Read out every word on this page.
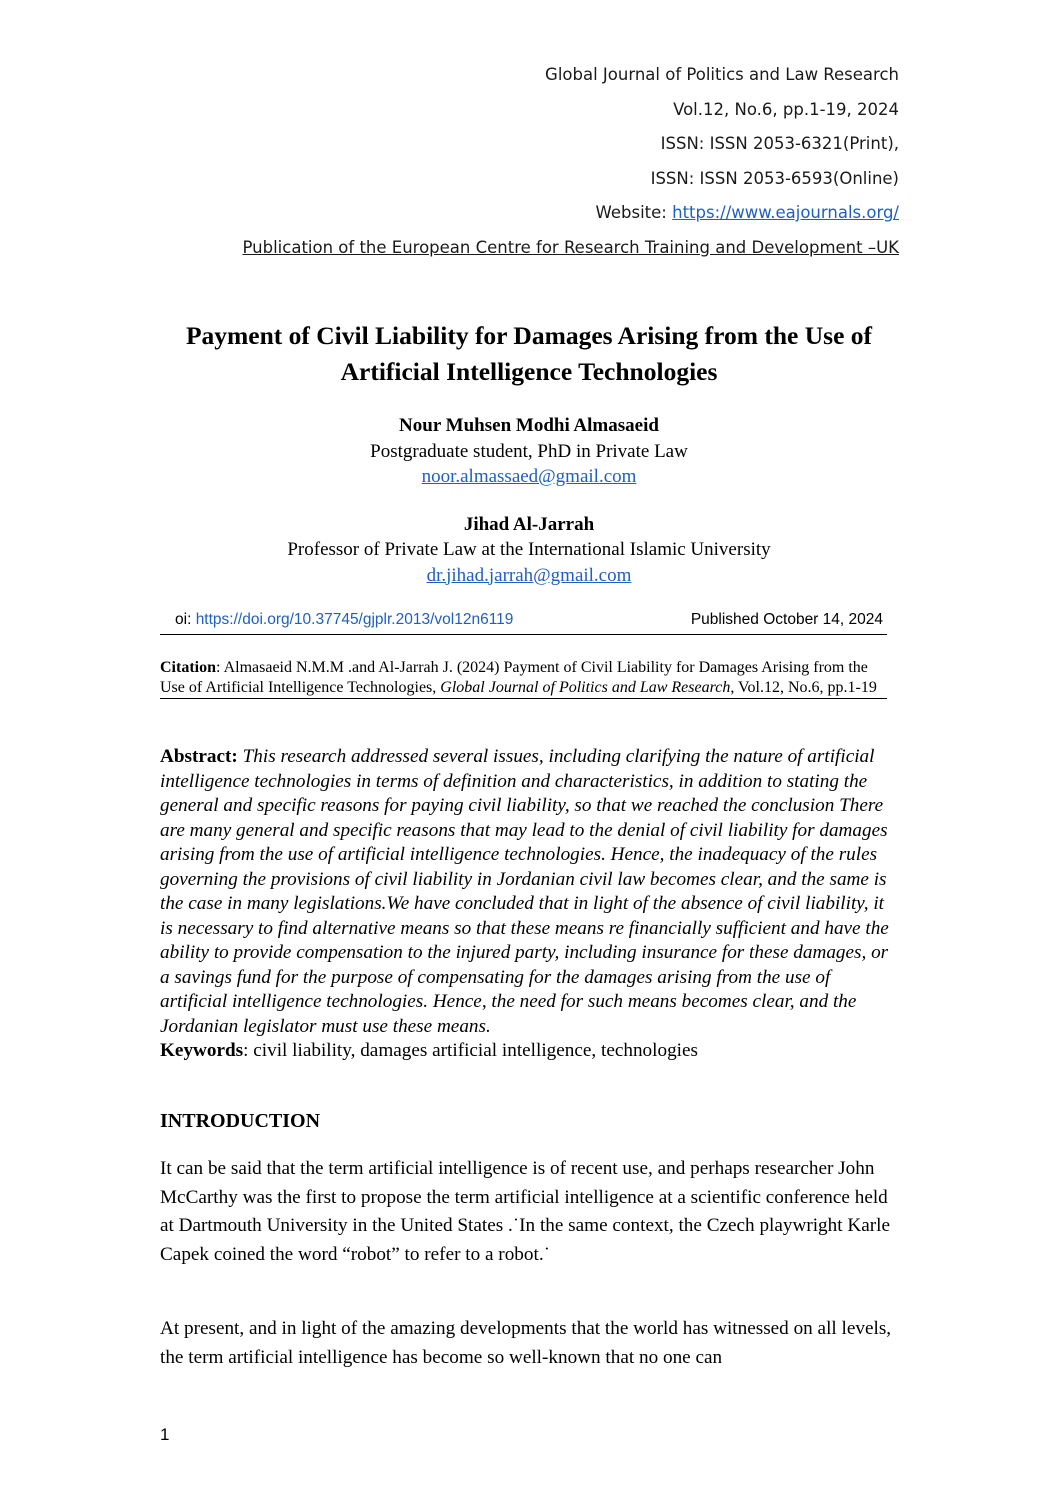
Global Journal of Politics and Law Research
Vol.12, No.6, pp.1-19, 2024
ISSN: ISSN 2053-6321(Print),
ISSN: ISSN 2053-6593(Online)
Website: https://www.eajournals.org/
Publication of the European Centre for Research Training and Development –UK
Payment of Civil Liability for Damages Arising from the Use of Artificial Intelligence Technologies
Nour Muhsen Modhi Almasaeid
Postgraduate student, PhD in Private Law
noor.almassaed@gmail.com
Jihad Al-Jarrah
Professor of Private Law at the International Islamic University
dr.jihad.jarrah@gmail.com
oi: https://doi.org/10.37745/gjplr.2013/vol12n6119	Published October 14, 2024
Citation: Almasaeid N.M.M .and Al-Jarrah J. (2024) Payment of Civil Liability for Damages Arising from the Use of Artificial Intelligence Technologies, Global Journal of Politics and Law Research, Vol.12, No.6, pp.1-19
Abstract: This research addressed several issues, including clarifying the nature of artificial intelligence technologies in terms of definition and characteristics, in addition to stating the general and specific reasons for paying civil liability, so that we reached the conclusion There are many general and specific reasons that may lead to the denial of civil liability for damages arising from the use of artificial intelligence technologies. Hence, the inadequacy of the rules governing the provisions of civil liability in Jordanian civil law becomes clear, and the same is the case in many legislations.We have concluded that in light of the absence of civil liability, it is necessary to find alternative means so that these means re financially sufficient and have the ability to provide compensation to the injured party, including insurance for these damages, or a savings fund for the purpose of compensating for the damages arising from the use of artificial intelligence technologies. Hence, the need for such means becomes clear, and the Jordanian legislator must use these means.
Keywords: civil liability, damages artificial intelligence, technologies
INTRODUCTION
It can be said that the term artificial intelligence is of recent use, and perhaps researcher John McCarthy was the first to propose the term artificial intelligence at a scientific conference held at Dartmouth University in the United States .˙In the same context, the Czech playwright Karle Capek coined the word “robot” to refer to a robot.˙
At present, and in light of the amazing developments that the world has witnessed on all levels, the term artificial intelligence has become so well-known that no one can
1
